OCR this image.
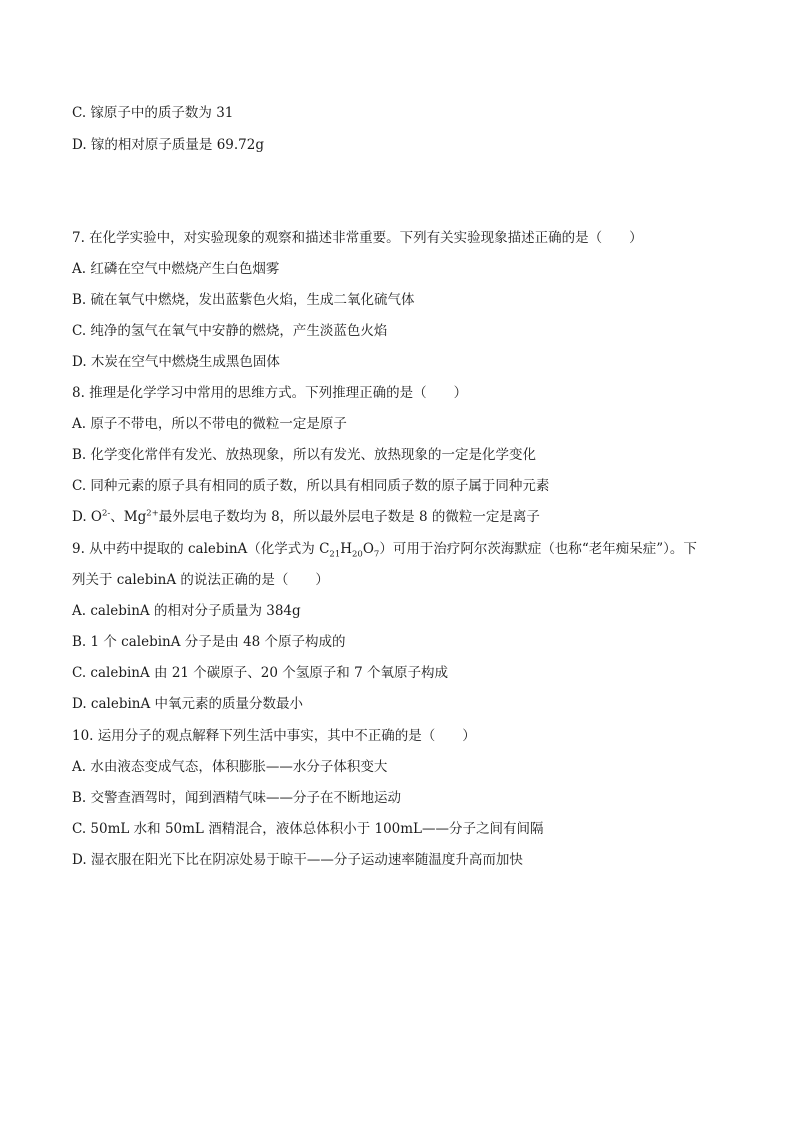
C. 镓原子中的质子数为 31
D. 镓的相对原子质量是 69.72g
7. 在化学实验中，对实验现象的观察和描述非常重要。下列有关实验现象描述正确的是（　　）
A. 红磷在空气中燃烧产生白色烟雾
B. 硫在氧气中燃烧，发出蓝紫色火焰，生成二氧化硫气体
C. 纯净的氢气在氧气中安静的燃烧，产生淡蓝色火焰
D. 木炭在空气中燃烧生成黑色固体
8. 推理是化学学习中常用的思维方式。下列推理正确的是（　　）
A. 原子不带电，所以不带电的微粒一定是原子
B. 化学变化常伴有发光、放热现象，所以有发光、放热现象的一定是化学变化
C. 同种元素的原子具有相同的质子数，所以具有相同质子数的原子属于同种元素
D. $O^{2-}$、$Mg^{2+}$最外层电子数均为 8，所以最外层电子数是 8 的微粒一定是离子
9. 从中药中提取的 calebinA（化学式为 $C_{21}H_{20}O_7$）可用于治疗阿尔茨海默症（也称“老年痴呆症”）。下
列关于 calebinA 的说法正确的是（　　）
A. calebinA 的相对分子质量为 384g
B. 1 个 calebinA 分子是由 48 个原子构成的
C. calebinA 由 21 个碳原子、20 个氢原子和 7 个氧原子构成
D. calebinA 中氧元素的质量分数最小
10. 运用分子的观点解释下列生活中事实，其中不正确的是（　　）
A. 水由液态变成气态，体积膨胀——水分子体积变大
B. 交警查酒驾时，闻到酒精气味——分子在不断地运动
C. 50mL 水和 50mL 酒精混合，液体总体积小于 100mL——分子之间有间隔
D. 湿衣服在阳光下比在阴凉处易于晾干——分子运动速率随温度升高而加快
